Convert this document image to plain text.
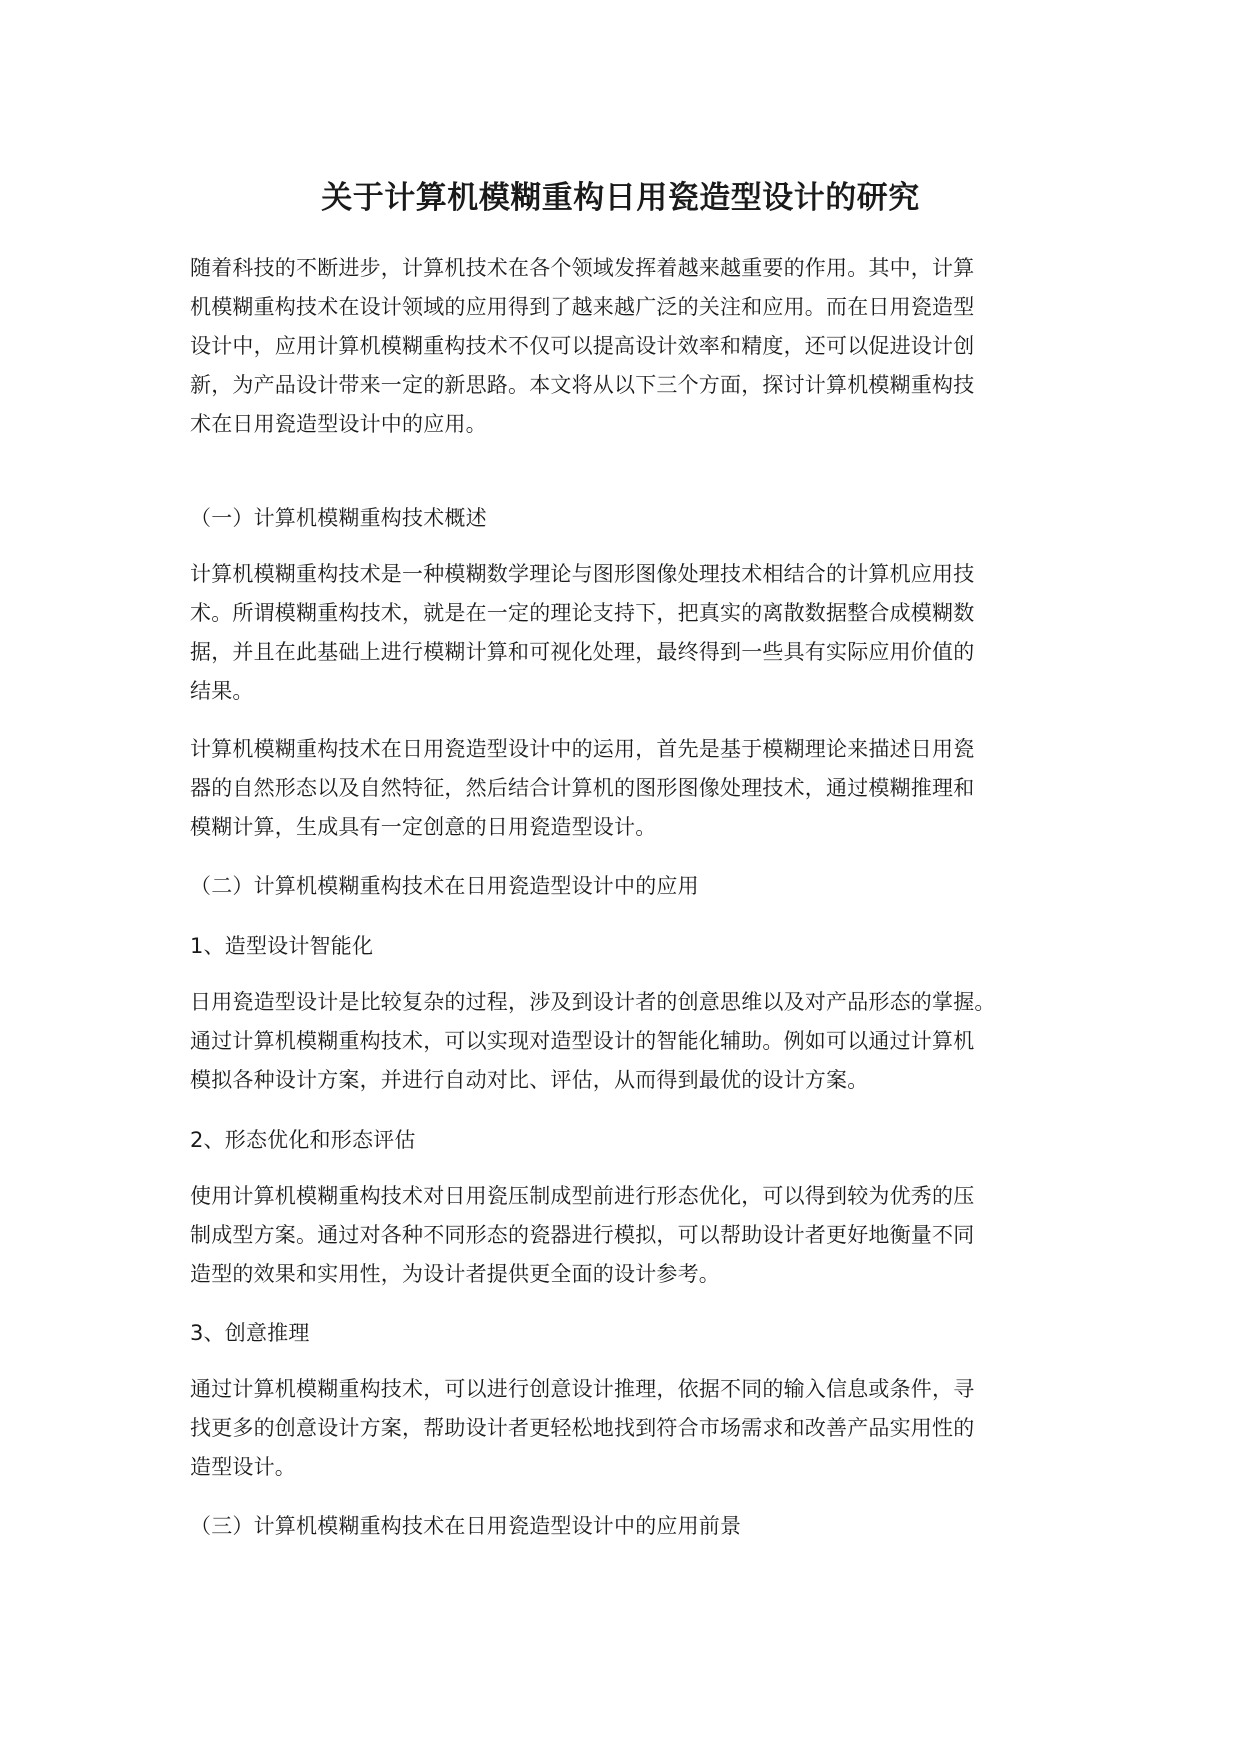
关于计算机模糊重构日用瓷造型设计的研究

随着科技的不断进步，计算机技术在各个领域发挥着越来越重要的作用。其中，计算
机模糊重构技术在设计领域的应用得到了越来越广泛的关注和应用。而在日用瓷造型
设计中，应用计算机模糊重构技术不仅可以提高设计效率和精度，还可以促进设计创
新，为产品设计带来一定的新思路。本文将从以下三个方面，探讨计算机模糊重构技
术在日用瓷造型设计中的应用。

（一）计算机模糊重构技术概述

计算机模糊重构技术是一种模糊数学理论与图形图像处理技术相结合的计算机应用技
术。所谓模糊重构技术，就是在一定的理论支持下，把真实的离散数据整合成模糊数
据，并且在此基础上进行模糊计算和可视化处理，最终得到一些具有实际应用价值的
结果。

计算机模糊重构技术在日用瓷造型设计中的运用，首先是基于模糊理论来描述日用瓷
器的自然形态以及自然特征，然后结合计算机的图形图像处理技术，通过模糊推理和
模糊计算，生成具有一定创意的日用瓷造型设计。

（二）计算机模糊重构技术在日用瓷造型设计中的应用

1、造型设计智能化

日用瓷造型设计是比较复杂的过程，涉及到设计者的创意思维以及对产品形态的掌握。
通过计算机模糊重构技术，可以实现对造型设计的智能化辅助。例如可以通过计算机
模拟各种设计方案，并进行自动对比、评估，从而得到最优的设计方案。

2、形态优化和形态评估

使用计算机模糊重构技术对日用瓷压制成型前进行形态优化，可以得到较为优秀的压
制成型方案。通过对各种不同形态的瓷器进行模拟，可以帮助设计者更好地衡量不同
造型的效果和实用性，为设计者提供更全面的设计参考。

3、创意推理

通过计算机模糊重构技术，可以进行创意设计推理，依据不同的输入信息或条件，寻
找更多的创意设计方案，帮助设计者更轻松地找到符合市场需求和改善产品实用性的
造型设计。

（三）计算机模糊重构技术在日用瓷造型设计中的应用前景
